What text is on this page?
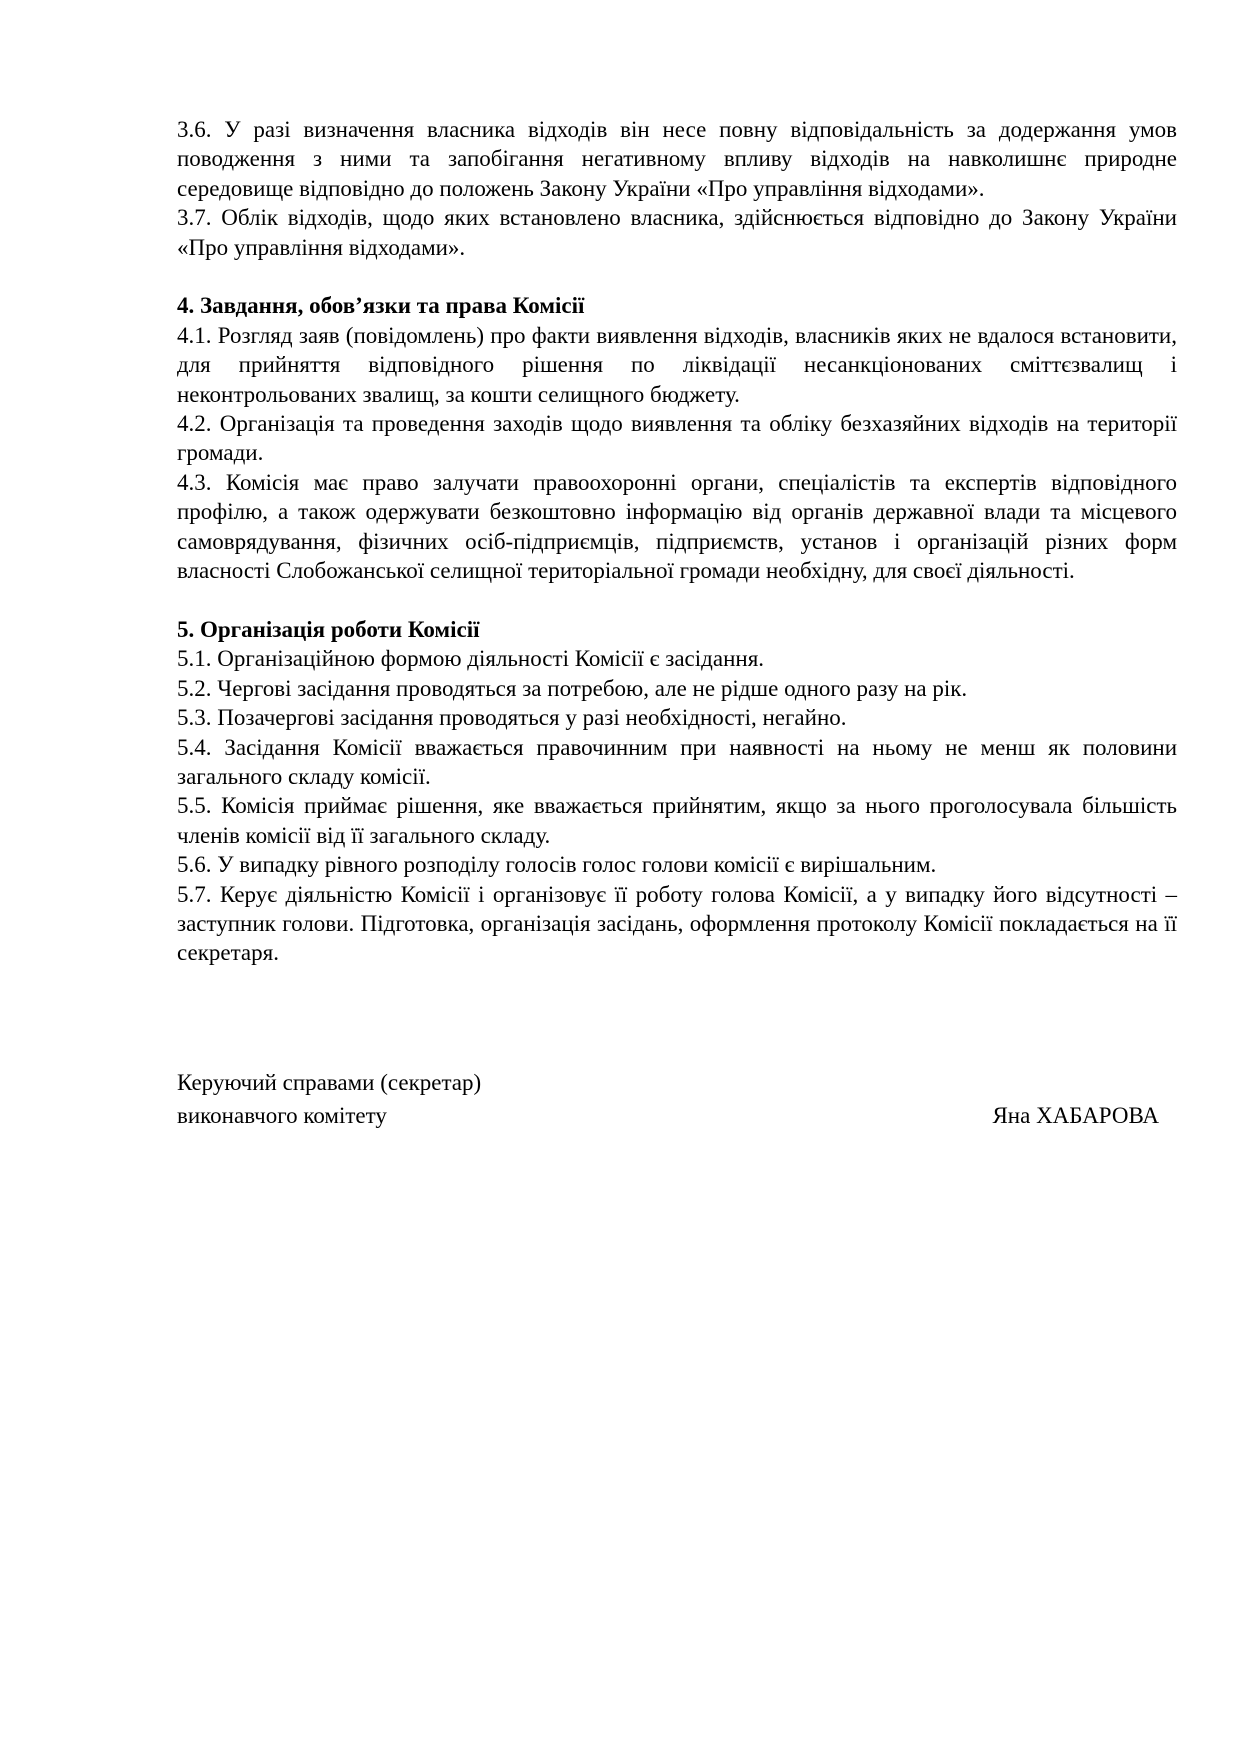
3.6. У разі визначення власника відходів він несе повну відповідальність за додержання умов поводження з ними та запобігання негативному впливу відходів на навколишнє природне середовище відповідно до положень Закону України «Про управління відходами».

3.7. Облік відходів, щодо яких встановлено власника, здійснюється відповідно до Закону України «Про управління відходами».

4. Завдання, обов’язки та права Комісії

4.1. Розгляд заяв (повідомлень) про факти виявлення відходів, власників яких не вдалося встановити, для прийняття відповідного рішення по ліквідації несанкціонованих сміттєзвалищ і неконтрольованих звалищ, за кошти селищного бюджету.

4.2. Організація та проведення заходів щодо виявлення та обліку безхазяйних відходів на території громади.

4.3. Комісія має право залучати правоохоронні органи, спеціалістів та експертів відповідного профілю, а також одержувати безкоштовно інформацію від органів державної влади та місцевого самоврядування, фізичних осіб-підприємців, підприємств, установ і організацій різних форм власності Слобожанської селищної територіальної громади необхідну, для своєї діяльності.

5. Організація роботи Комісії

5.1. Організаційною формою діяльності Комісії є засідання.

5.2. Чергові засідання проводяться за потребою, але не рідше одного разу на рік.

5.3. Позачергові засідання проводяться у разі необхідності, негайно.

5.4. Засідання Комісії вважається правочинним при наявності на ньому не менш як половини загального складу комісії.

5.5. Комісія приймає рішення, яке вважається прийнятим, якщо за нього проголосувала більшість членів комісії від її загального складу.

5.6. У випадку рівного розподілу голосів голос голови комісії є вирішальним.

5.7. Керує діяльністю Комісії і організовує її роботу голова Комісії, а у випадку його відсутності – заступник голови. Підготовка, організація засідань, оформлення протоколу Комісії покладається на її секретаря.

Керуючий справами (секретар)
виконавчого комітету	Яна ХАБАРОВА
